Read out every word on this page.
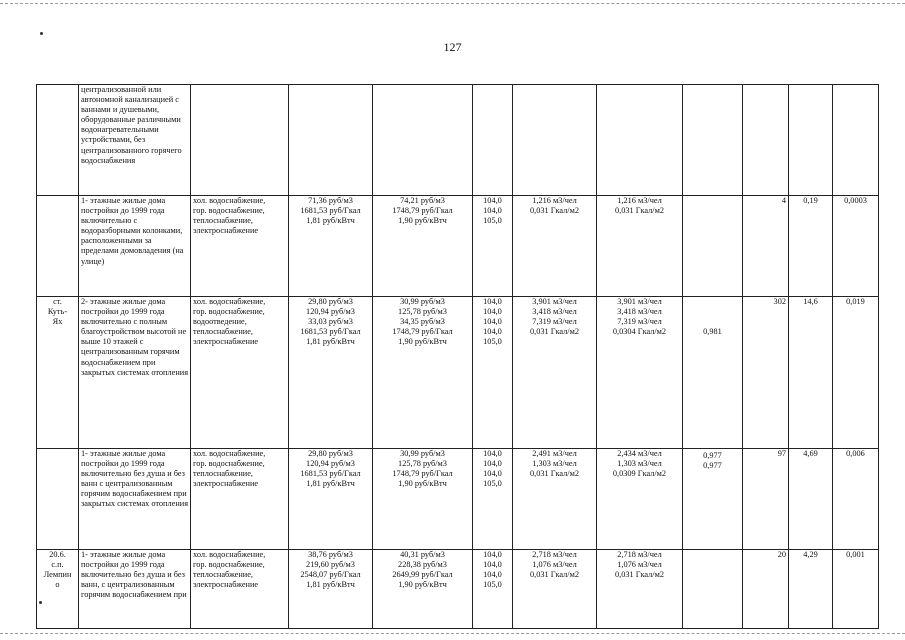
127

	централизованной или автономной канализацией с ваннами и душевыми, оборудованные различными водонагревательными устройствами, без централизованного горячего водоснабжения										

	1- этажные жилые дома постройки до 1999 года включительно с водоразборными колонками, расположенными за пределами домовладения (на улице)	хол. водоснабжение,
гор. водоснабжение,
теплоснабжение,
электроснабжение	71,36 руб/м3
1681,53 руб/Гкал
1,81 руб/кВтч	74,21 руб/м3
1748,79 руб/Гкал
1,90 руб/кВтч	104,0
104,0
105,0	1,216 м3/чел
0,031 Гкал/м2	1,216 м3/чел
0,031 Гкал/м2		4	0,19	0,0003

ст.
Куть-
Ях	2- этажные жилые дома постройки до 1999 года включительно с полным благоустройством высотой не выше 10 этажей с централизованным горячим водоснабжением при закрытых системах отопления	хол. водоснабжение,
гор. водоснабжение,
водоотведение,
теплоснабжение,
электроснабжение	29,80 руб/м3
120,94 руб/м3
33,03 руб/м3
1681,53 руб/Гкал
1,81 руб/кВтч	30,99 руб/м3
125,78 руб/м3
34,35 руб/м3
1748,79 руб/Гкал
1,90 руб/кВтч	104,0
104,0
104,0
104,0
105,0	3,901 м3/чел
3,418 м3/чел
7,319 м3/чел
0,031 Гкал/м2	3,901 м3/чел
3,418 м3/чел
7,319 м3/чел
0,0304 Гкал/м2	0,981	302	14,6	0,019

	1- этажные жилые дома постройки до 1999 года включительно без душа и без ванн с централизованным горячим водоснабжением при закрытых системах отопления	хол. водоснабжение,
гор. водоснабжение,
теплоснабжение,
электроснабжение	29,80 руб/м3
120,94 руб/м3
1681,53 руб/Гкал
1,81 руб/кВтч	30,99 руб/м3
125,78 руб/м3
1748,79 руб/Гкал
1,90 руб/кВтч	104,0
104,0
104,0
105,0	2,491 м3/чел
1,303 м3/чел
0,031 Гкал/м2	2,434 м3/чел
1,303 м3/чел
0,0309 Гкал/м2	0,977
0,977	97	4,69	0,006

20.6.
с.п.
Лемпин
о	1- этажные жилые дома постройки до 1999 года включительно без душа и без ванн, с централизованным горячим водоснабжением при	хол. водоснабжение,
гор. водоснабжение,
теплоснабжение,
электроснабжение	38,76 руб/м3
219,60 руб/м3
2548,07 руб/Гкал
1,81 руб/кВтч	40,31 руб/м3
228,38 руб/м3
2649,99 руб/Гкал
1,90 руб/кВтч	104,0
104,0
104,0
105,0	2,718 м3/чел
1,076 м3/чел
0,031 Гкал/м2	2,718 м3/чел
1,076 м3/чел
0,031 Гкал/м2		20	4,29	0,001
